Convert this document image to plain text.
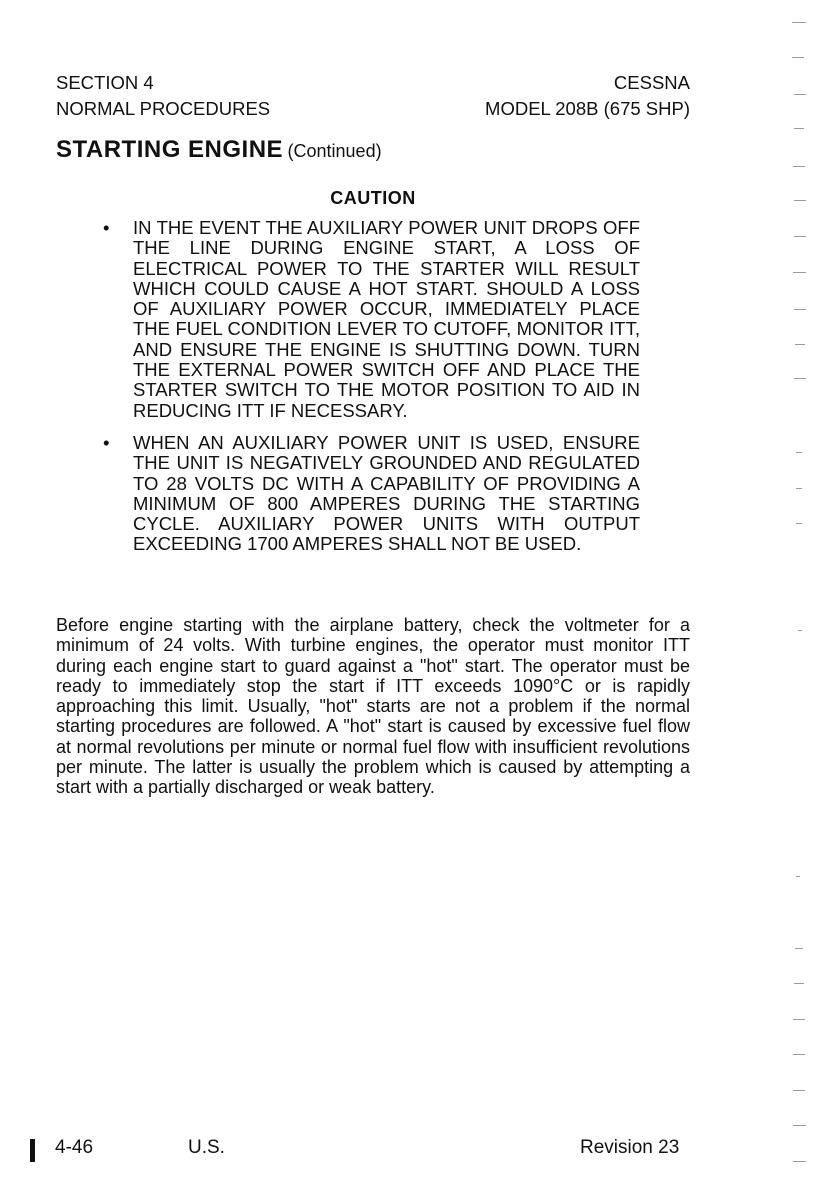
SECTION 4
NORMAL PROCEDURES
CESSNA
MODEL 208B (675 SHP)
STARTING ENGINE (Continued)
CAUTION
• IN THE EVENT THE AUXILIARY POWER UNIT DROPS OFF THE LINE DURING ENGINE START, A LOSS OF ELECTRICAL POWER TO THE STARTER WILL RESULT WHICH COULD CAUSE A HOT START. SHOULD A LOSS OF AUXILIARY POWER OCCUR, IMMEDIATELY PLACE THE FUEL CONDITION LEVER TO CUTOFF, MONITOR ITT, AND ENSURE THE ENGINE IS SHUTTING DOWN. TURN THE EXTERNAL POWER SWITCH OFF AND PLACE THE STARTER SWITCH TO THE MOTOR POSITION TO AID IN REDUCING ITT IF NECESSARY.
• WHEN AN AUXILIARY POWER UNIT IS USED, ENSURE THE UNIT IS NEGATIVELY GROUNDED AND REGULATED TO 28 VOLTS DC WITH A CAPABILITY OF PROVIDING A MINIMUM OF 800 AMPERES DURING THE STARTING CYCLE. AUXILIARY POWER UNITS WITH OUTPUT EXCEEDING 1700 AMPERES SHALL NOT BE USED.

Before engine starting with the airplane battery, check the voltmeter for a minimum of 24 volts. With turbine engines, the operator must monitor ITT during each engine start to guard against a "hot" start. The operator must be ready to immediately stop the start if ITT exceeds 1090°C or is rapidly approaching this limit. Usually, "hot" starts are not a problem if the normal starting procedures are followed. A "hot" start is caused by excessive fuel flow at normal revolutions per minute or normal fuel flow with insufficient revolutions per minute. The latter is usually the problem which is caused by attempting a start with a partially discharged or weak battery.

4-46	U.S.	Revision 23
